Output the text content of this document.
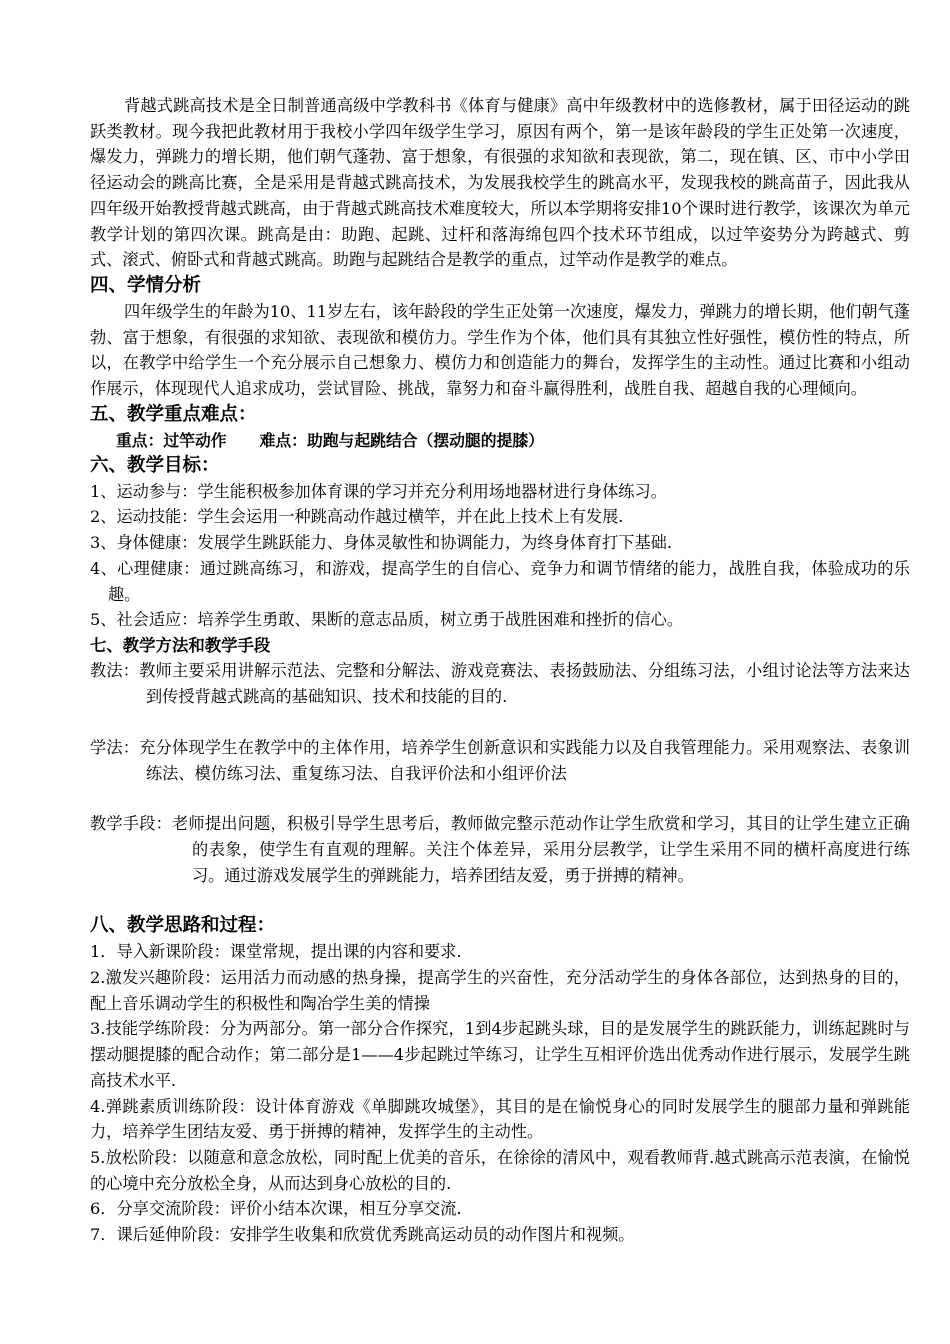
背越式跳高技术是全日制普通高级中学教科书《体育与健康》高中年级教材中的选修教材，属于田径运动的跳跃类教材。现今我把此教材用于我校小学四年级学生学习，原因有两个，第一是该年龄段的学生正处第一次速度，爆发力，弹跳力的增长期，他们朝气蓬勃、富于想象，有很强的求知欲和表现欲，第二，现在镇、区、市中小学田径运动会的跳高比赛，全是采用是背越式跳高技术，为发展我校学生的跳高水平，发现我校的跳高苗子，因此我从四年级开始教授背越式跳高，由于背越式跳高技术难度较大，所以本学期将安排10个课时进行教学，该课次为单元教学计划的第四次课。跳高是由：助跑、起跳、过杆和落海绵包四个技术环节组成，以过竿姿势分为跨越式、剪式、滚式、俯卧式和背越式跳高。助跑与起跳结合是教学的重点，过竿动作是教学的难点。

四、学情分析

四年级学生的年龄为10、11岁左右，该年龄段的学生正处第一次速度，爆发力，弹跳力的增长期，他们朝气蓬勃、富于想象，有很强的求知欲、表现欲和模仿力。学生作为个体，他们具有其独立性好强性，模仿性的特点，所以，在教学中给学生一个充分展示自己想象力、模仿力和创造能力的舞台，发挥学生的主动性。通过比赛和小组动作展示，体现现代人追求成功，尝试冒险、挑战，靠努力和奋斗赢得胜利，战胜自我、超越自我的心理倾向。

五、教学重点难点：
重点：过竿动作      难点：助跑与起跳结合（摆动腿的提膝）
六、教学目标：

1、运动参与：学生能积极参加体育课的学习并充分利用场地器材进行身体练习。

2、运动技能：学生会运用一种跳高动作越过横竿，并在此上技术上有发展.

3、身体健康：发展学生跳跃能力、身体灵敏性和协调能力，为终身体育打下基础.

4、心理健康：通过跳高练习，和游戏，提高学生的自信心、竞争力和调节情绪的能力，战胜自我，体验成功的乐趣。

5、社会适应：培养学生勇敢、果断的意志品质，树立勇于战胜困难和挫折的信心。

七、教学方法和教学手段

教法：教师主要采用讲解示范法、完整和分解法、游戏竞赛法、表扬鼓励法、分组练习法，小组讨论法等方法来达到传授背越式跳高的基础知识、技术和技能的目的.

学法：充分体现学生在教学中的主体作用，培养学生创新意识和实践能力以及自我管理能力。采用观察法、表象训练法、模仿练习法、重复练习法、自我评价法和小组评价法

教学手段：老师提出问题，积极引导学生思考后，教师做完整示范动作让学生欣赏和学习，其目的让学生建立正确的表象，使学生有直观的理解。关注个体差异，采用分层教学，让学生采用不同的横杆高度进行练习。通过游戏发展学生的弹跳能力，培养团结友爱，勇于拼搏的精神。

八、教学思路和过程：

1．导入新课阶段：课堂常规，提出课的内容和要求.

2.激发兴趣阶段：运用活力而动感的热身操，提高学生的兴奋性，充分活动学生的身体各部位，达到热身的目的，配上音乐调动学生的积极性和陶冶学生美的情操

3.技能学练阶段：分为两部分。第一部分合作探究，1到4步起跳头球，目的是发展学生的跳跃能力，训练起跳时与摆动腿提膝的配合动作；第二部分是1——4步起跳过竿练习，让学生互相评价选出优秀动作进行展示，发展学生跳高技术水平.

4.弹跳素质训练阶段：设计体育游戏《单脚跳攻城堡》，其目的是在愉悦身心的同时发展学生的腿部力量和弹跳能力，培养学生团结友爱、勇于拼搏的精神，发挥学生的主动性。

5.放松阶段：以随意和意念放松，同时配上优美的音乐，在徐徐的清风中，观看教师背.越式跳高示范表演，在愉悦的心境中充分放松全身，从而达到身心放松的目的.

6．分享交流阶段：评价小结本次课，相互分享交流.

7．课后延伸阶段：安排学生收集和欣赏优秀跳高运动员的动作图片和视频。
